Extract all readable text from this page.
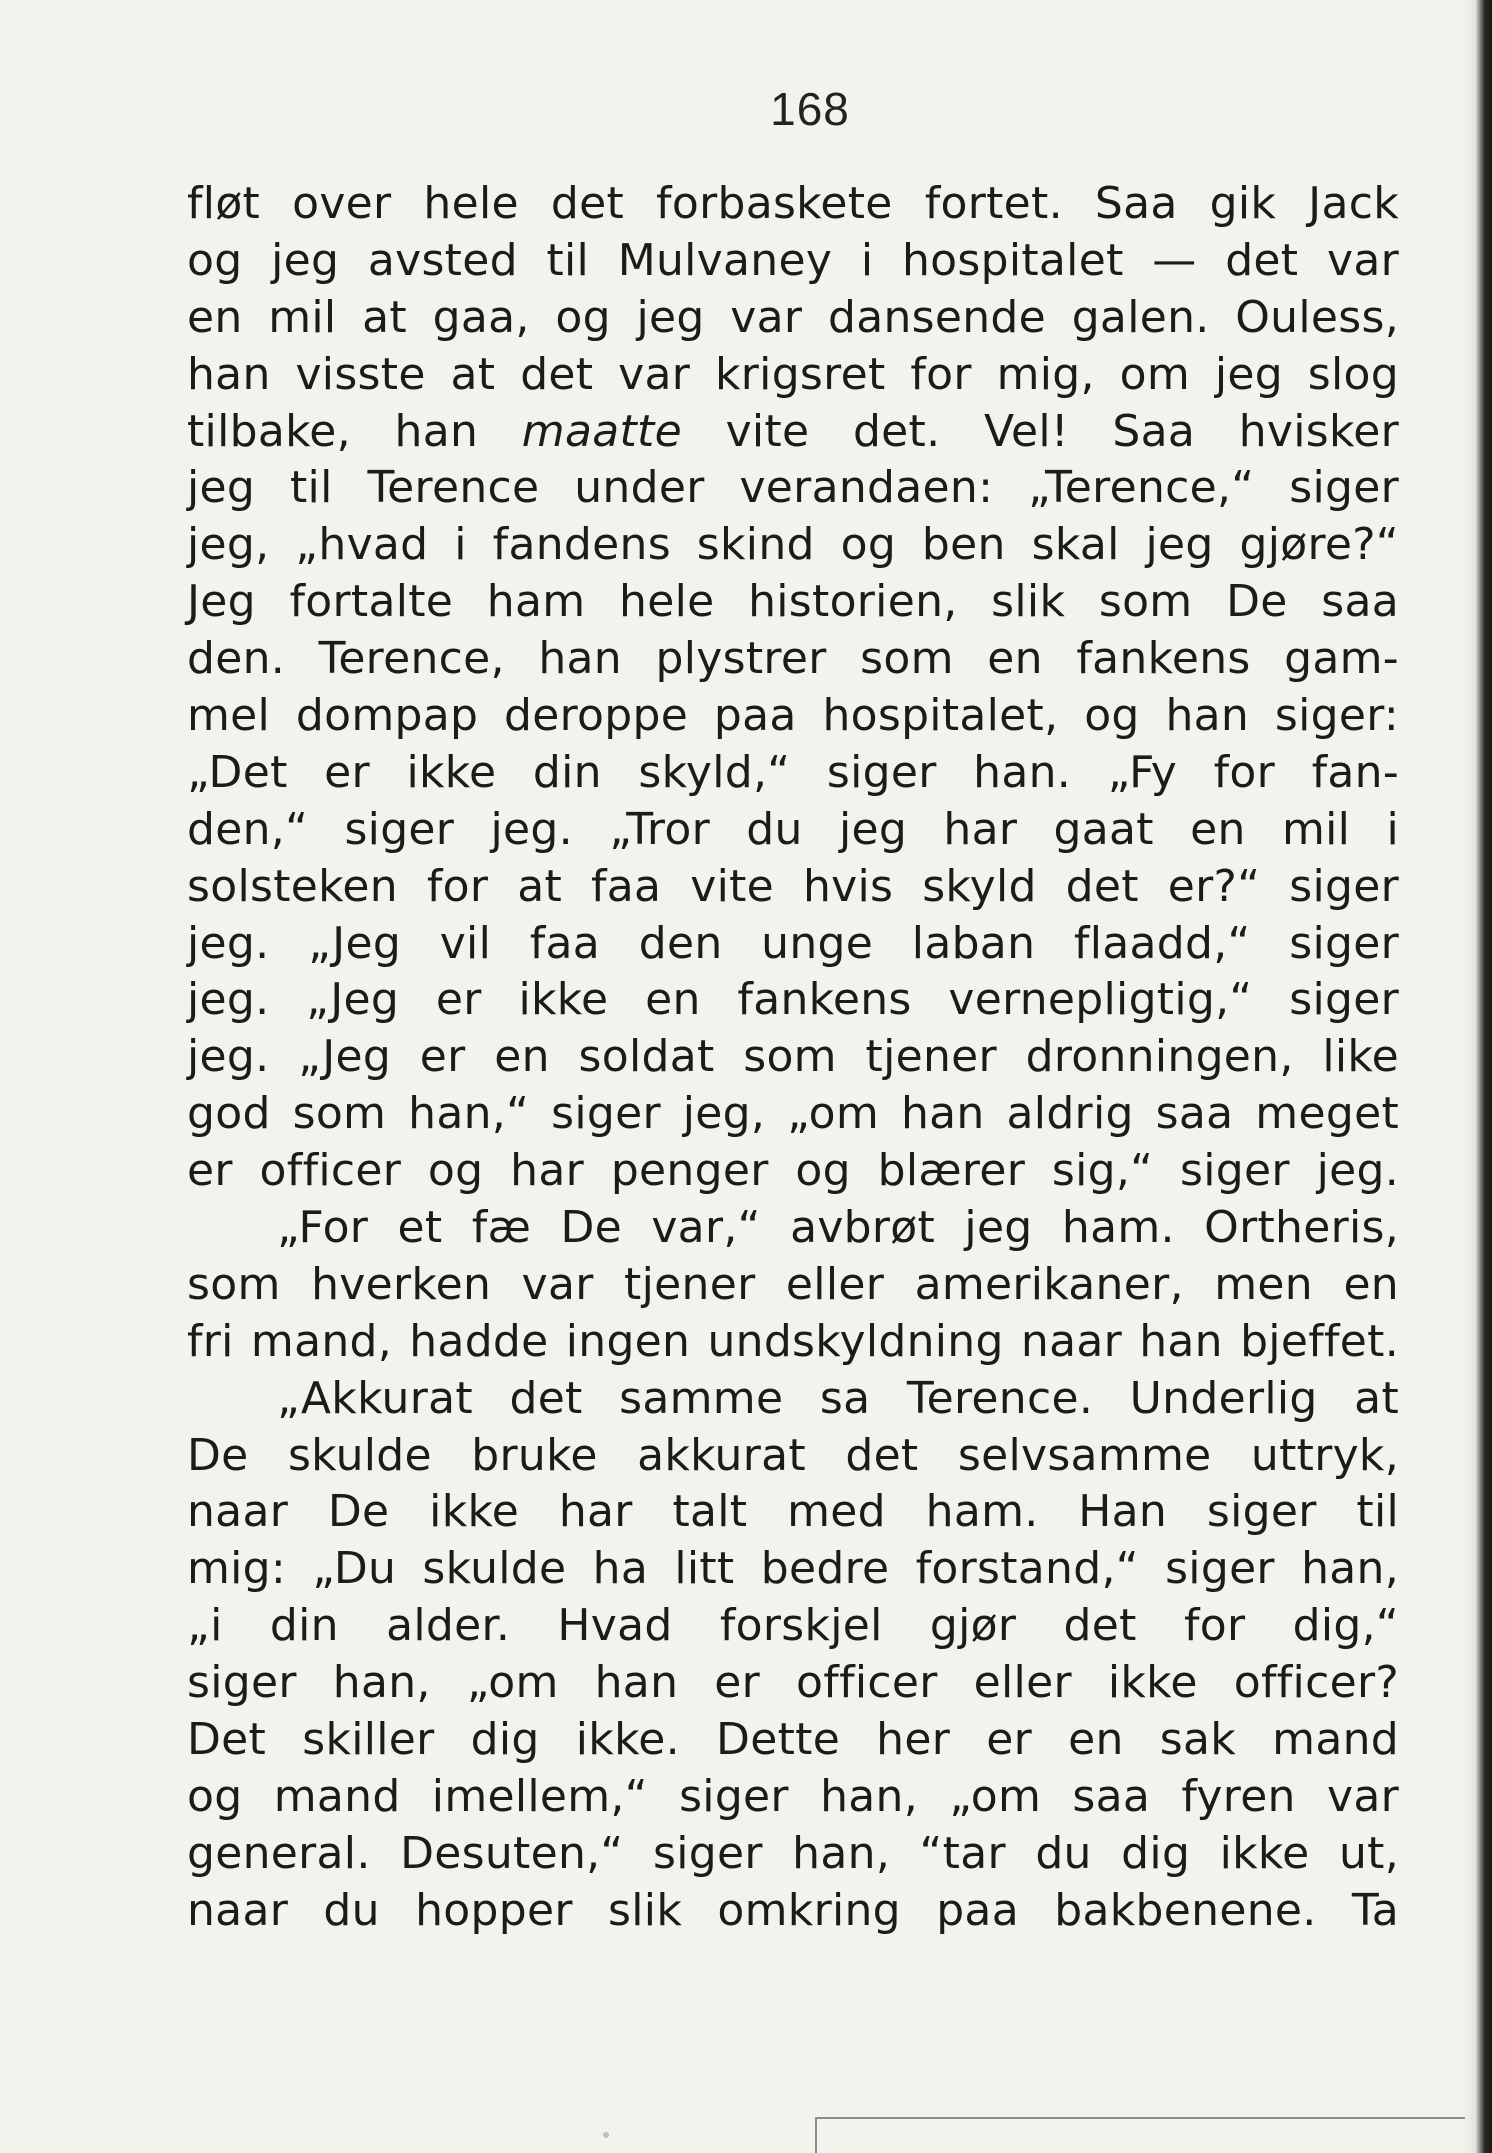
168
fløt over hele det forbaskete fortet. Saa gik Jack
og jeg avsted til Mulvaney i hospitalet — det var
en mil at gaa, og jeg var dansende galen. Ouless,
han visste at det var krigsret for mig, om jeg slog
tilbake, han maatte vite det. Vel! Saa hvisker
jeg til Terence under verandaen: „Terence,“ siger
jeg, „hvad i fandens skind og ben skal jeg gjøre?“
Jeg fortalte ham hele historien, slik som De saa
den. Terence, han plystrer som en fankens gam-
mel dompap deroppe paa hospitalet, og han siger:
„Det er ikke din skyld,“ siger han. „Fy for fan-
den,“ siger jeg. „Tror du jeg har gaat en mil i
solsteken for at faa vite hvis skyld det er?“ siger
jeg. „Jeg vil faa den unge laban flaadd,“ siger
jeg. „Jeg er ikke en fankens vernepligtig,“ siger
jeg. „Jeg er en soldat som tjener dronningen, like
god som han,“ siger jeg, „om han aldrig saa meget
er officer og har penger og blærer sig,“ siger jeg.
„For et fæ De var,“ avbrøt jeg ham. Ortheris,
som hverken var tjener eller amerikaner, men en
fri mand, hadde ingen undskyldning naar han bjeffet.
„Akkurat det samme sa Terence. Underlig at
De skulde bruke akkurat det selvsamme uttryk,
naar De ikke har talt med ham. Han siger til
mig: „Du skulde ha litt bedre forstand,“ siger han,
„i din alder. Hvad forskjel gjør det for dig,“
siger han, „om han er officer eller ikke officer?
Det skiller dig ikke. Dette her er en sak mand
og mand imellem,“ siger han, „om saa fyren var
general. Desuten,“ siger han, “tar du dig ikke ut,
naar du hopper slik omkring paa bakbenene. Ta
